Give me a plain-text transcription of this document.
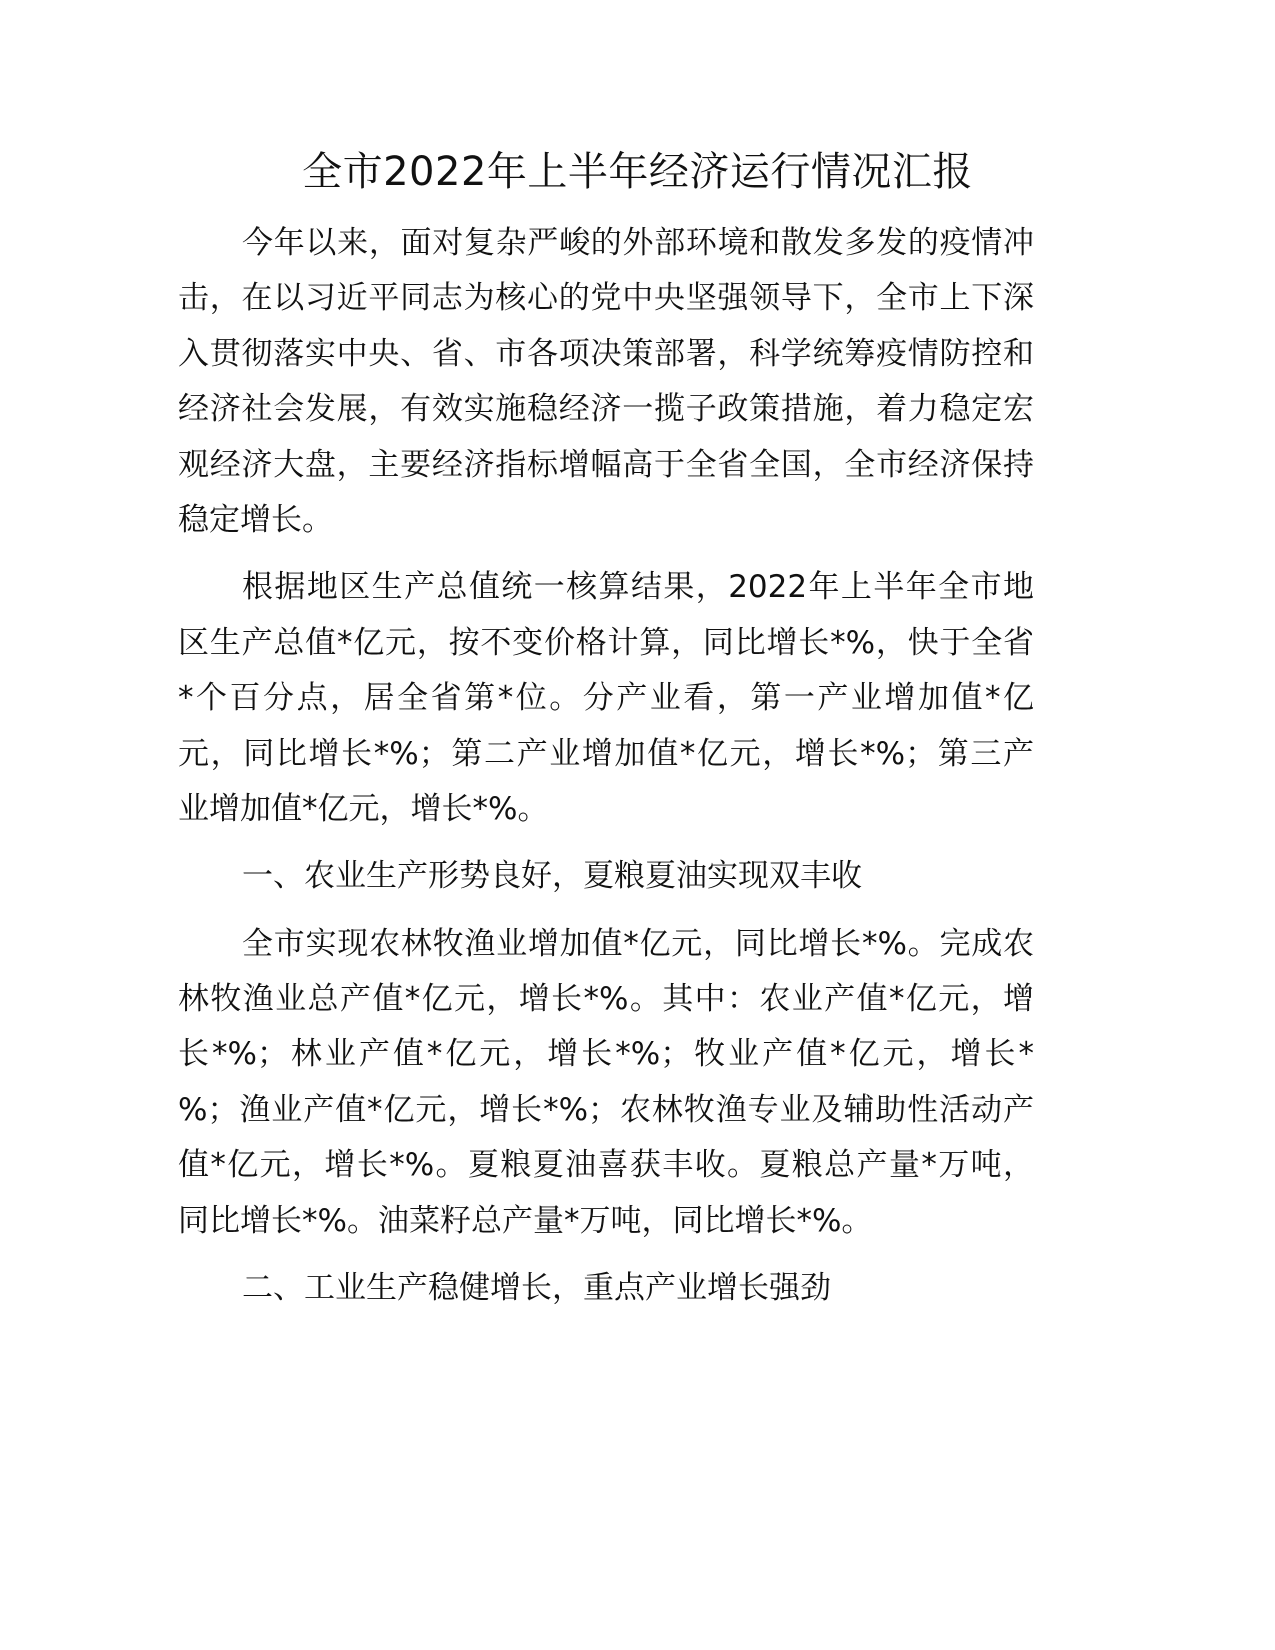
全市2022年上半年经济运行情况汇报
今年以来，面对复杂严峻的外部环境和散发多发的疫情冲
击，在以习近平同志为核心的党中央坚强领导下，全市上下深
入贯彻落实中央、省、市各项决策部署，科学统筹疫情防控和
经济社会发展，有效实施稳经济一揽子政策措施，着力稳定宏
观经济大盘，主要经济指标增幅高于全省全国，全市经济保持
稳定增长。
根据地区生产总值统一核算结果，2022年上半年全市地
区生产总值*亿元，按不变价格计算，同比增长*%，快于全省
*个百分点，居全省第*位。分产业看，第一产业增加值*亿
元，同比增长*%；第二产业增加值*亿元，增长*%；第三产
业增加值*亿元，增长*%。
一、农业生产形势良好，夏粮夏油实现双丰收
全市实现农林牧渔业增加值*亿元，同比增长*%。完成农
林牧渔业总产值*亿元，增长*%。其中：农业产值*亿元，增
长*%；林业产值*亿元，增长*%；牧业产值*亿元，增长*
%；渔业产值*亿元，增长*%；农林牧渔专业及辅助性活动产
值*亿元，增长*%。夏粮夏油喜获丰收。夏粮总产量*万吨，
同比增长*%。油菜籽总产量*万吨，同比增长*%。
二、工业生产稳健增长，重点产业增长强劲
